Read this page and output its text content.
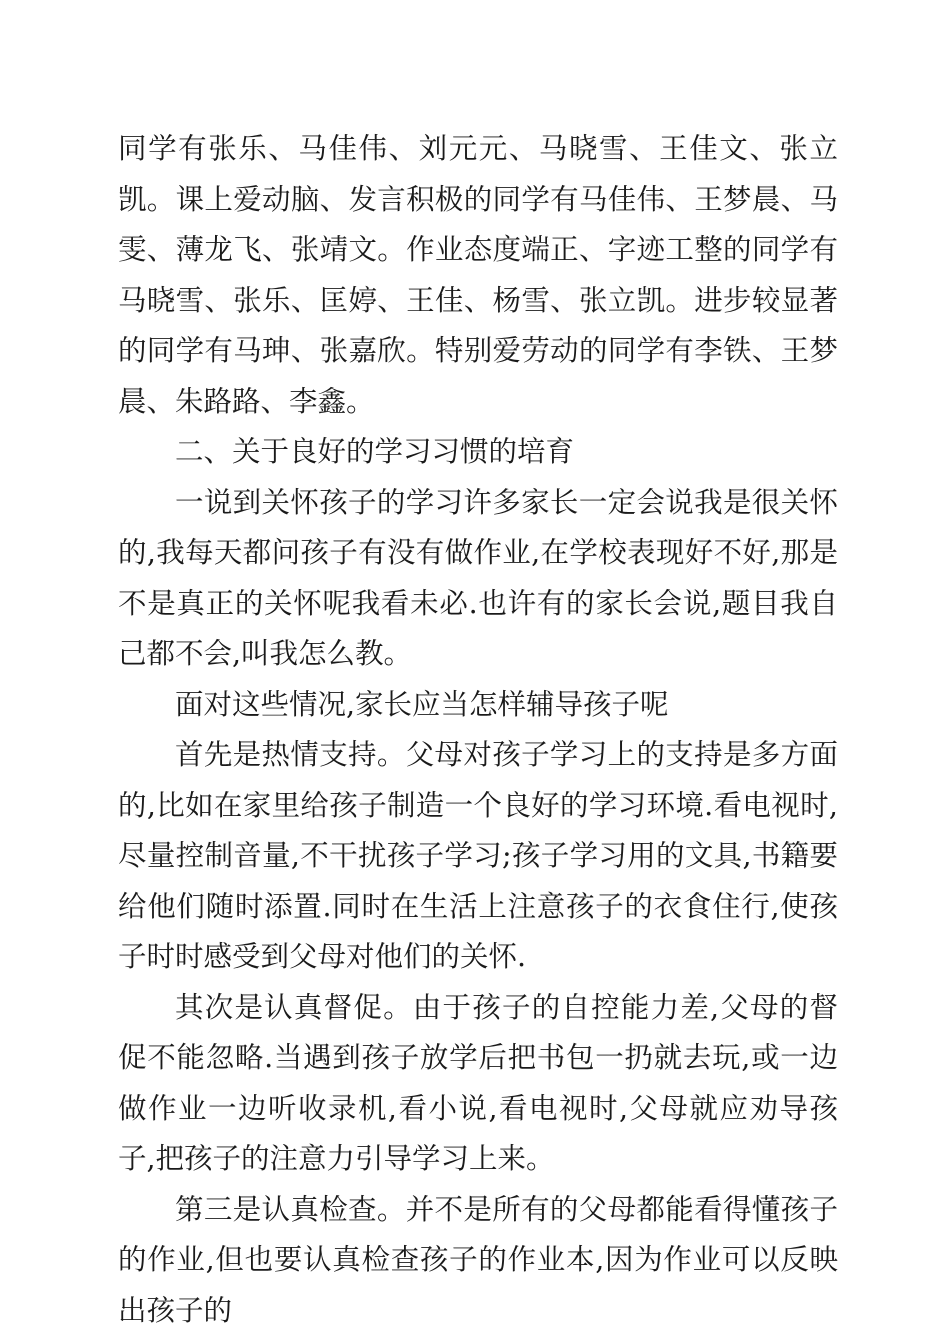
同学有张乐、马佳伟、刘元元、马晓雪、王佳文、张立凯。课上爱动脑、发言积极的同学有马佳伟、王梦晨、马雯、薄龙飞、张靖文。作业态度端正、字迹工整的同学有马晓雪、张乐、匡婷、王佳、杨雪、张立凯。进步较显著的同学有马珅、张嘉欣。特别爱劳动的同学有李铁、王梦晨、朱路路、李鑫。

二、关于良好的学习习惯的培育

一说到关怀孩子的学习许多家长一定会说我是很关怀的,我每天都问孩子有没有做作业,在学校表现好不好,那是不是真正的关怀呢我看未必.也许有的家长会说,题目我自己都不会,叫我怎么教。

面对这些情况,家长应当怎样辅导孩子呢

首先是热情支持。父母对孩子学习上的支持是多方面的,比如在家里给孩子制造一个良好的学习环境.看电视时,尽量控制音量,不干扰孩子学习;孩子学习用的文具,书籍要给他们随时添置.同时在生活上注意孩子的衣食住行,使孩子时时感受到父母对他们的关怀.

其次是认真督促。由于孩子的自控能力差,父母的督促不能忽略.当遇到孩子放学后把书包一扔就去玩,或一边做作业一边听收录机,看小说,看电视时,父母就应劝导孩子,把孩子的注意力引导学习上来。

第三是认真检查。并不是所有的父母都能看得懂孩子的作业,但也要认真检查孩子的作业本,因为作业可以反映出孩子的
